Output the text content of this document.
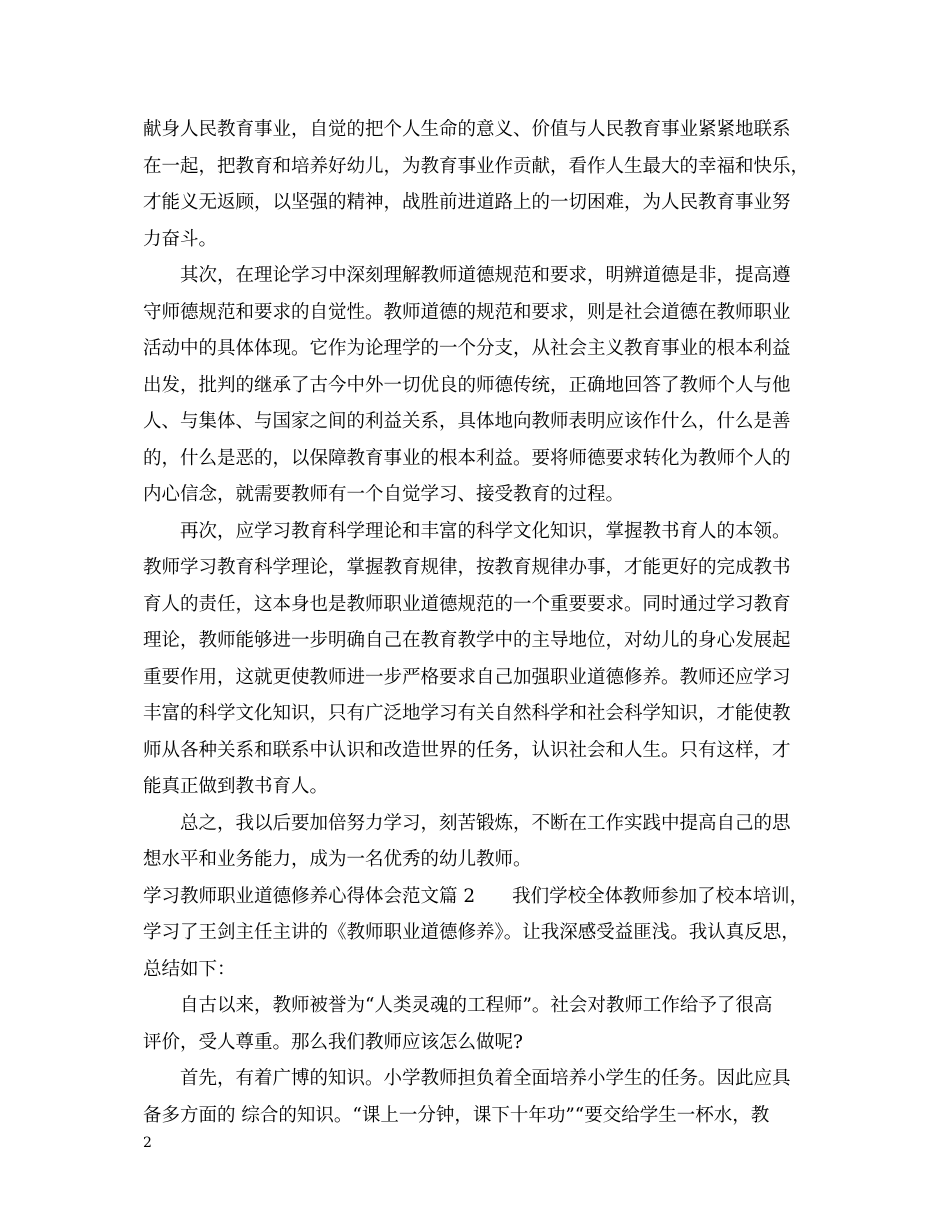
献身人民教育事业，自觉的把个人生命的意义、价值与人民教育事业紧紧地联系
在一起，把教育和培养好幼儿，为教育事业作贡献，看作人生最大的幸福和快乐，
才能义无返顾，以坚强的精神，战胜前进道路上的一切困难，为人民教育事业努
力奋斗。
其次，在理论学习中深刻理解教师道德规范和要求，明辨道德是非，提高遵
守师德规范和要求的自觉性。教师道德的规范和要求，则是社会道德在教师职业
活动中的具体体现。它作为论理学的一个分支，从社会主义教育事业的根本利益
出发，批判的继承了古今中外一切优良的师德传统，正确地回答了教师个人与他
人、与集体、与国家之间的利益关系，具体地向教师表明应该作什么，什么是善
的，什么是恶的，以保障教育事业的根本利益。要将师德要求转化为教师个人的
内心信念，就需要教师有一个自觉学习、接受教育的过程。
再次，应学习教育科学理论和丰富的科学文化知识，掌握教书育人的本领。
教师学习教育科学理论，掌握教育规律，按教育规律办事，才能更好的完成教书
育人的责任，这本身也是教师职业道德规范的一个重要要求。同时通过学习教育
理论，教师能够进一步明确自己在教育教学中的主导地位，对幼儿的身心发展起
重要作用，这就更使教师进一步严格要求自己加强职业道德修养。教师还应学习
丰富的科学文化知识，只有广泛地学习有关自然科学和社会科学知识，才能使教
师从各种关系和联系中认识和改造世界的任务，认识社会和人生。只有这样，才
能真正做到教书育人。
总之，我以后要加倍努力学习，刻苦锻炼，不断在工作实践中提高自己的思
想水平和业务能力，成为一名优秀的幼儿教师。
学习教师职业道德修养心得体会范文篇 2　　我们学校全体教师参加了校本培训，
学习了王剑主任主讲的《教师职业道德修养》。让我深感受益匪浅。我认真反思，
总结如下：
自古以来，教师被誉为“人类灵魂的工程师”。社会对教师工作给予了很高
评价，受人尊重。那么我们教师应该怎么做呢?
首先，有着广博的知识。小学教师担负着全面培养小学生的任务。因此应具
备多方面的 综合的知识。“课上一分钟，课下十年功”“要交给学生一杯水，教
2
